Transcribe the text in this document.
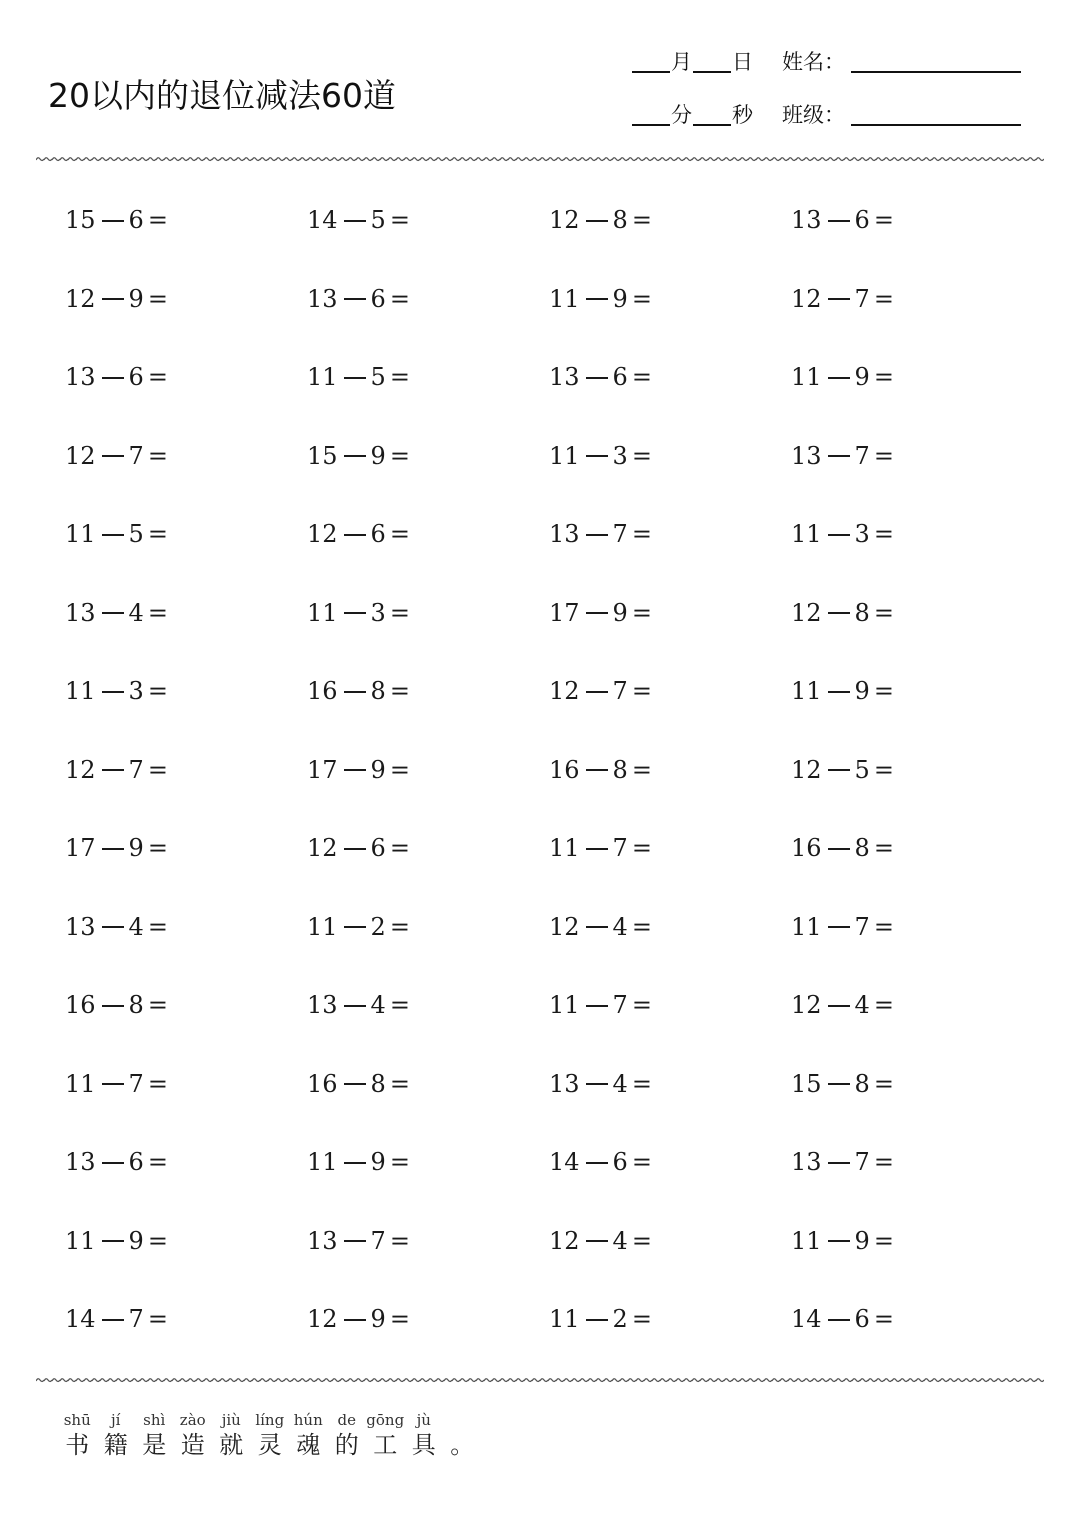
20以内的退位减法60道
月 日 姓名：
分 秒 班级：
15 6 =	14 5 =	12 8 =	13 6 =
12 9 =	13 6 =	11 9 =	12 7 =
13 6 =	11 5 =	13 6 =	11 9 =
12 7 =	15 9 =	11 3 =	13 7 =
11 5 =	12 6 =	13 7 =	11 3 =
13 4 =	11 3 =	17 9 =	12 8 =
11 3 =	16 8 =	12 7 =	11 9 =
12 7 =	17 9 =	16 8 =	12 5 =
17 9 =	12 6 =	11 7 =	16 8 =
13 4 =	11 2 =	12 4 =	11 7 =
16 8 =	13 4 =	11 7 =	12 4 =
11 7 =	16 8 =	13 4 =	15 8 =
13 6 =	11 9 =	14 6 =	13 7 =
11 9 =	13 7 =	12 4 =	11 9 =
14 7 =	12 9 =	11 2 =	14 6 =
shū
书
jí
籍
shì
是
zào
造
jiù
就
líng
灵
hún
魂
de
的
gōng
工
jù
具 。
